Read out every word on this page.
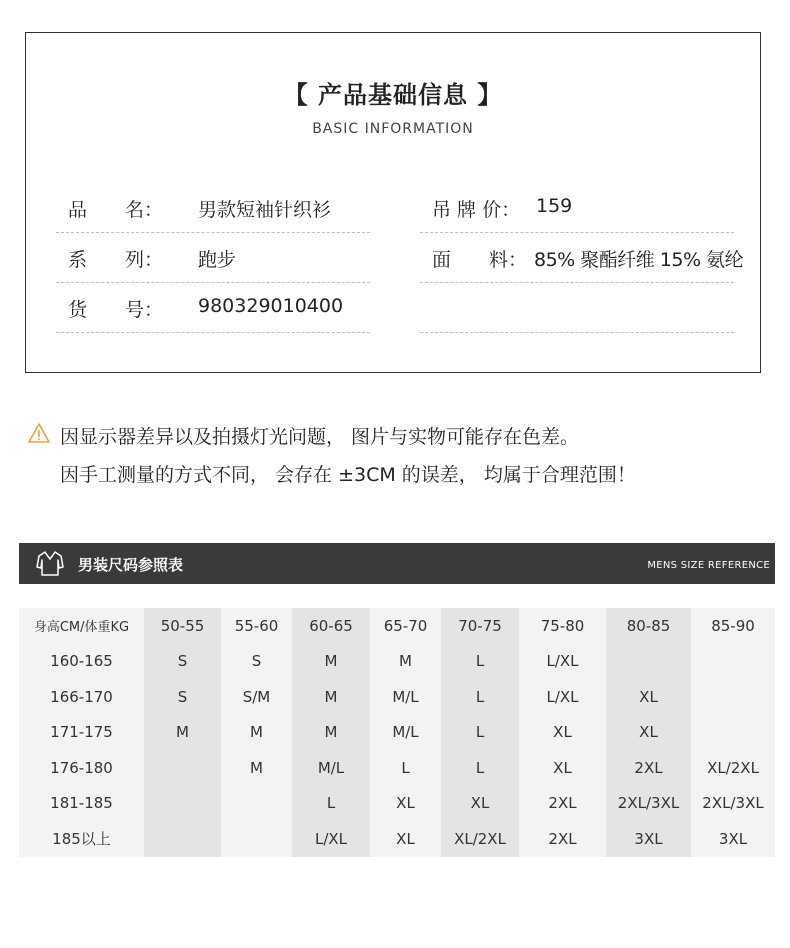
【 产品基础信息 】
BASIC INFORMATION
品　　名： 男款短袖针织衫	吊 牌 价： 159
系　　列： 跑步	面　　料： 85% 聚酯纤维 15% 氨纶
货　　号： 980329010400
因显示器差异以及拍摄灯光问题， 图片与实物可能存在色差。
因手工测量的方式不同， 会存在 ±3CM 的误差， 均属于合理范围！
男装尺码参照表	MENS SIZE REFERENCE
身高CM/体重KG	50-55	55-60	60-65	65-70	70-75	75-80	80-85	85-90
160-165	S	S	M	M	L	L/XL		
166-170	S	S/M	M	M/L	L	L/XL	XL	
171-175	M	M	M	M/L	L	XL	XL	
176-180		M	M/L	L	L	XL	2XL	XL/2XL
181-185			L	XL	XL	2XL	2XL/3XL	2XL/3XL
185以上			L/XL	XL	XL/2XL	2XL	3XL	3XL
